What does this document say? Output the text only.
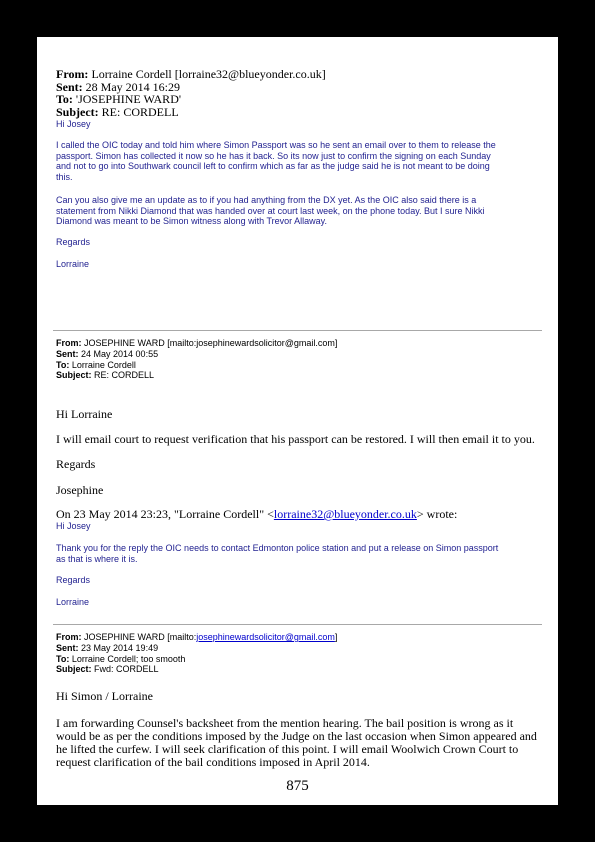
From: Lorraine Cordell [lorraine32@blueyonder.co.uk]
Sent: 28 May 2014 16:29
To: 'JOSEPHINE WARD'
Subject: RE: CORDELL
Hi Josey
I called the OIC today and told him where Simon Passport was so he sent an email over to them to release the
passport. Simon has collected it now so he has it back. So its now just to confirm the signing on each Sunday
and not to go into Southwark council left to confirm which as far as the judge said he is not meant to be doing
this.
Can you also give me an update as to if you had anything from the DX yet. As the OIC also said there is a
statement from Nikki Diamond that was handed over at court last week, on the phone today. But I sure Nikki
Diamond was meant to be Simon witness along with Trevor Allaway.
Regards
Lorraine
From: JOSEPHINE WARD [mailto:josephinewardsolicitor@gmail.com]
Sent: 24 May 2014 00:55
To: Lorraine Cordell
Subject: RE: CORDELL
Hi Lorraine
I will email court to request verification that his passport can be restored. I will then email it to you.
Regards
Josephine
On 23 May 2014 23:23, "Lorraine Cordell" <lorraine32@blueyonder.co.uk> wrote:
Hi Josey
Thank you for the reply the OIC needs to contact Edmonton police station and put a release on Simon passport
as that is where it is.
Regards
Lorraine
From: JOSEPHINE WARD [mailto:josephinewardsolicitor@gmail.com]
Sent: 23 May 2014 19:49
To: Lorraine Cordell; too smooth
Subject: Fwd: CORDELL
Hi Simon / Lorraine
I am forwarding Counsel's backsheet from the mention hearing. The bail position is wrong as it
would be as per the conditions imposed by the Judge on the last occasion when Simon appeared and
he lifted the curfew. I will seek clarification of this point. I will email Woolwich Crown Court to
request clarification of the bail conditions imposed in April 2014.
875
